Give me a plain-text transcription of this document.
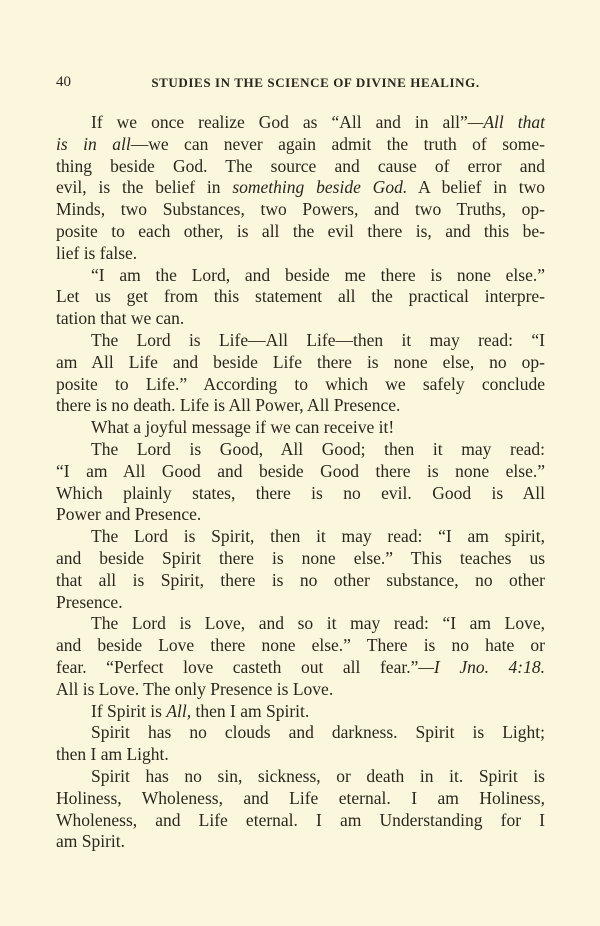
40	STUDIES IN THE SCIENCE OF DIVINE HEALING.
If we once realize God as “All and in all”—All that
is in all—we can never again admit the truth of some-
thing beside God. The source and cause of error and
evil, is the belief in something beside God. A belief in two
Minds, two Substances, two Powers, and two Truths, op-
posite to each other, is all the evil there is, and this be-
lief is false.
“I am the Lord, and beside me there is none else.”
Let us get from this statement all the practical interpre-
tation that we can.
The Lord is Life—All Life—then it may read: “I
am All Life and beside Life there is none else, no op-
posite to Life.” According to which we safely conclude
there is no death. Life is All Power, All Presence.
What a joyful message if we can receive it!
The Lord is Good, All Good; then it may read:
“I am All Good and beside Good there is none else.”
Which plainly states, there is no evil. Good is All
Power and Presence.
The Lord is Spirit, then it may read: “I am spirit,
and beside Spirit there is none else.” This teaches us
that all is Spirit, there is no other substance, no other
Presence.
The Lord is Love, and so it may read: “I am Love,
and beside Love there none else.” There is no hate or
fear. “Perfect love casteth out all fear.”—I Jno. 4:18.
All is Love. The only Presence is Love.
If Spirit is All, then I am Spirit.
Spirit has no clouds and darkness. Spirit is Light;
then I am Light.
Spirit has no sin, sickness, or death in it. Spirit is
Holiness, Wholeness, and Life eternal. I am Holiness,
Wholeness, and Life eternal. I am Understanding for I
am Spirit.
